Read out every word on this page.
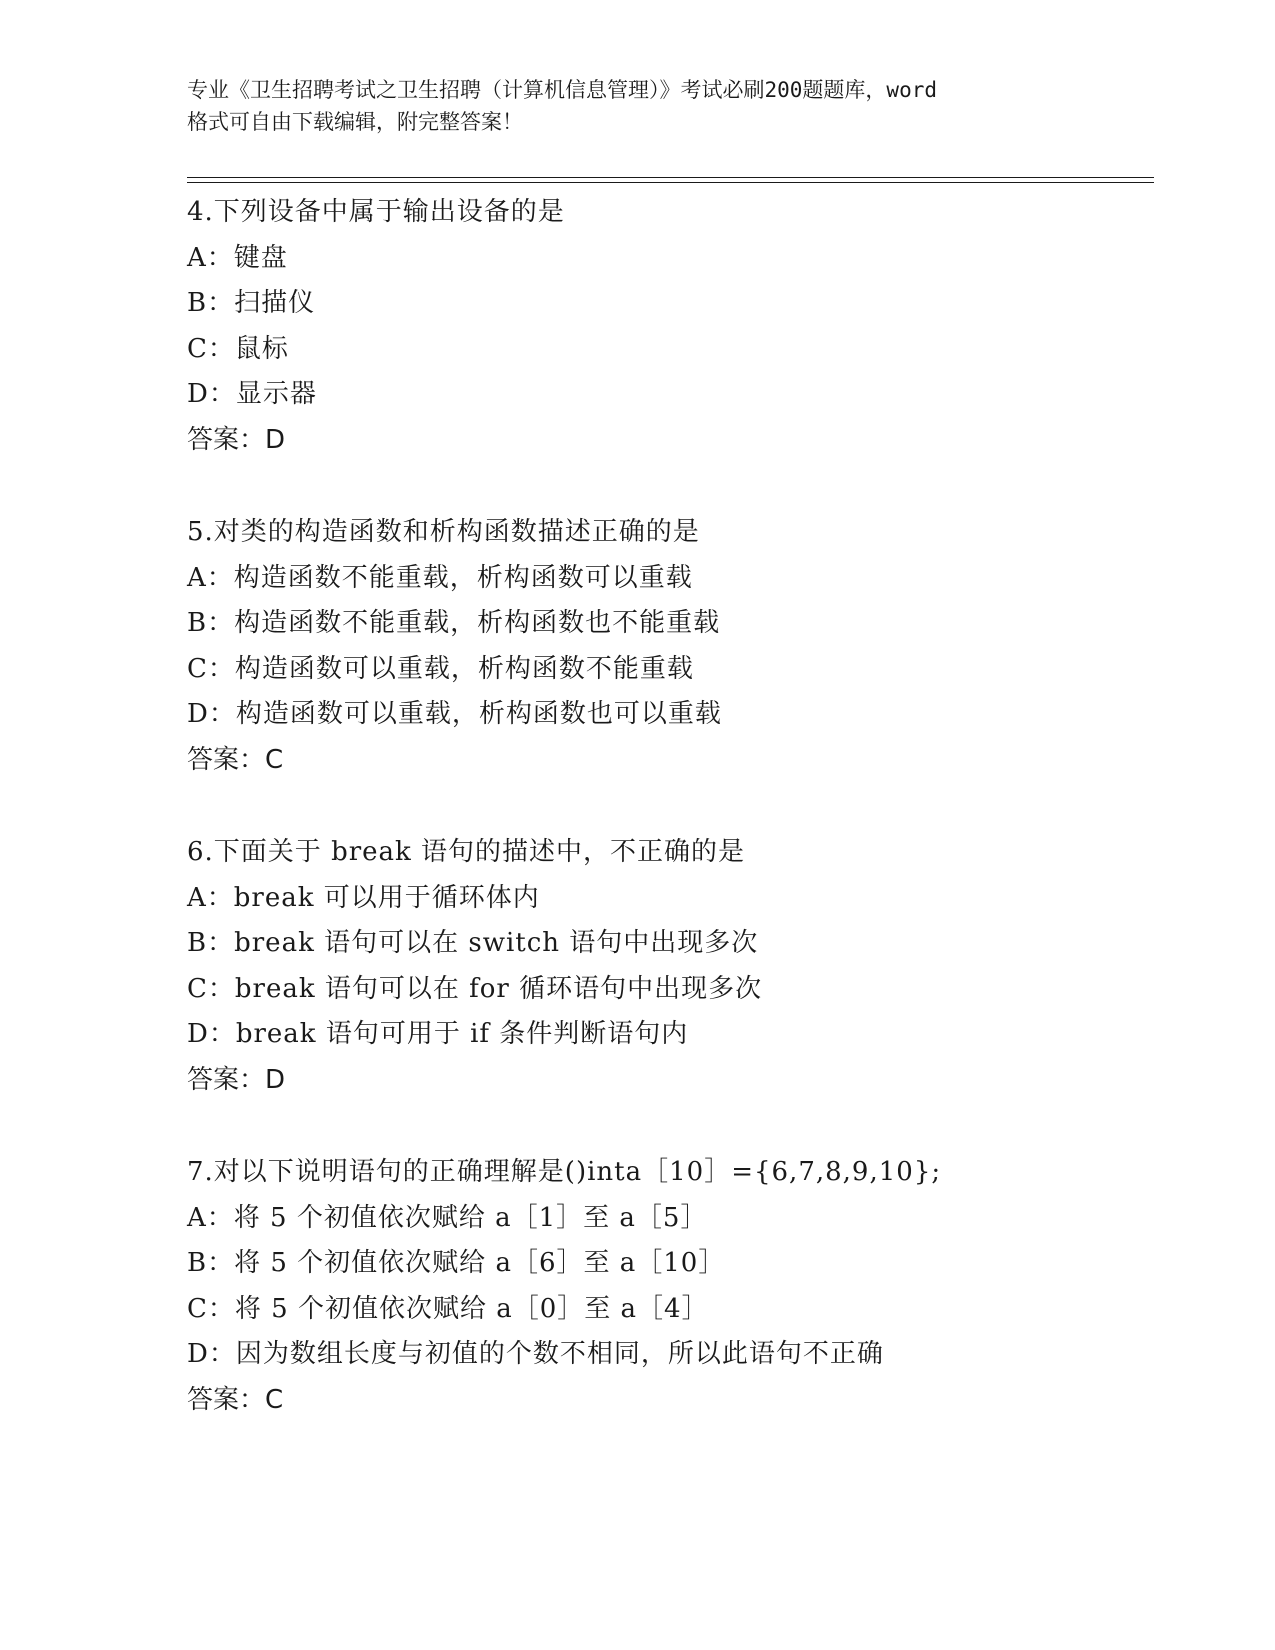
专业《卫生招聘考试之卫生招聘（计算机信息管理）》考试必刷200题题库，word
格式可自由下载编辑，附完整答案！
4.下列设备中属于输出设备的是
A：键盘
B：扫描仪
C：鼠标
D：显示器
答案：D
5.对类的构造函数和析构函数描述正确的是
A：构造函数不能重载，析构函数可以重载
B：构造函数不能重载，析构函数也不能重载
C：构造函数可以重载，析构函数不能重载
D：构造函数可以重载，析构函数也可以重载
答案：C
6.下面关于 break 语句的描述中，不正确的是
A：break 可以用于循环体内
B：break 语句可以在 switch 语句中出现多次
C：break 语句可以在 for 循环语句中出现多次
D：break 语句可用于 if 条件判断语句内
答案：D
7.对以下说明语句的正确理解是()inta［10］={6,7,8,9,10};
A：将 5 个初值依次赋给 a［1］至 a［5］
B：将 5 个初值依次赋给 a［6］至 a［10］
C：将 5 个初值依次赋给 a［0］至 a［4］
D：因为数组长度与初值的个数不相同，所以此语句不正确
答案：C
